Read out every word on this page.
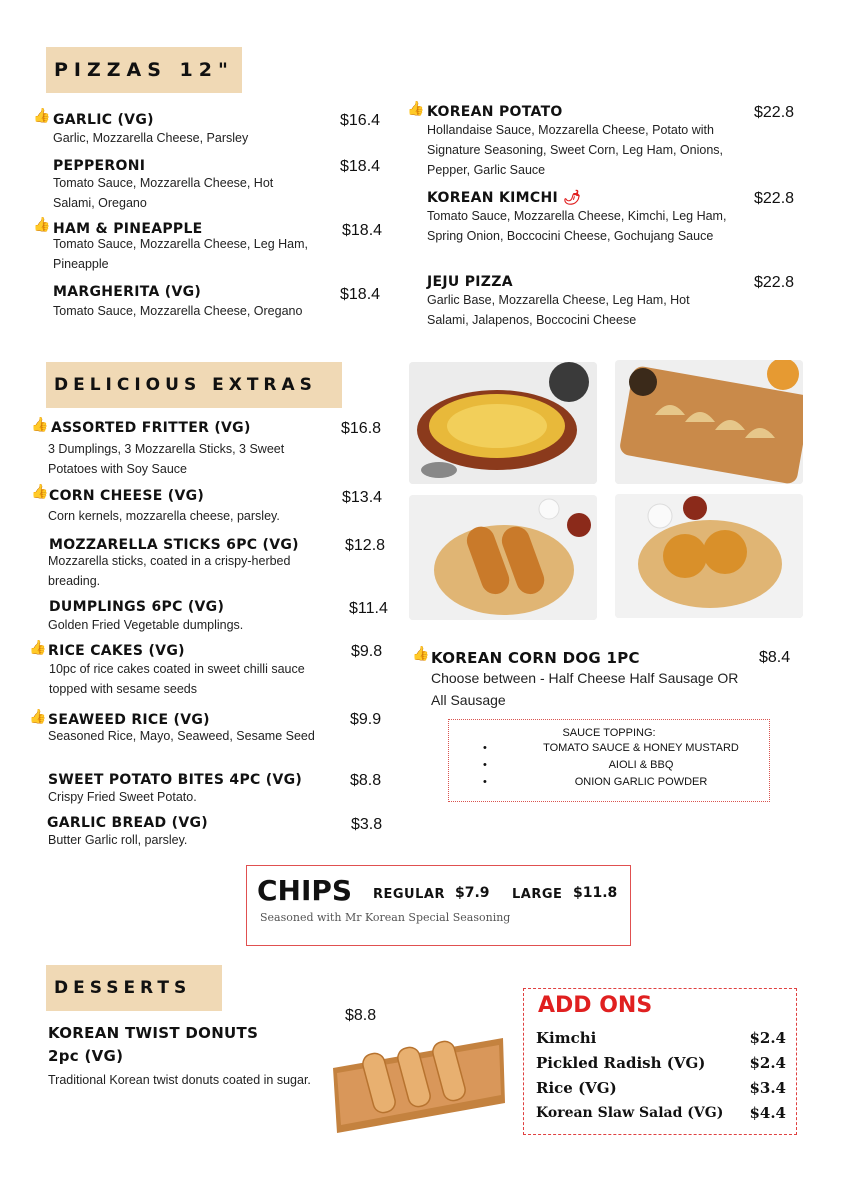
PIZZAS 12"
👍 GARLIC (VG)	$16.4
Garlic, Mozzarella Cheese, Parsley
PEPPERONI	$18.4
Tomato Sauce, Mozzarella Cheese, Hot Salami, Oregano
👍 HAM & PINEAPPLE	$18.4
Tomato Sauce, Mozzarella Cheese, Leg Ham, Pineapple
MARGHERITA (VG)	$18.4
Tomato Sauce, Mozzarella Cheese, Oregano
👍 KOREAN POTATO	$22.8
Hollandaise Sauce, Mozzarella Cheese, Potato with Signature Seasoning, Sweet Corn, Leg Ham, Onions, Pepper, Garlic Sauce
KOREAN KIMCHI 🌶	$22.8
Tomato Sauce, Mozzarella Cheese, Kimchi, Leg Ham, Spring Onion, Boccocini Cheese, Gochujang Sauce
JEJU PIZZA	$22.8
Garlic Base, Mozzarella Cheese, Leg Ham, Hot Salami, Jalapenos, Boccocini Cheese
DELICIOUS EXTRAS
👍 ASSORTED FRITTER (VG)	$16.8
3 Dumplings, 3 Mozzarella Sticks, 3 Sweet Potatoes with Soy Sauce
👍 CORN CHEESE (VG)	$13.4
Corn kernels, mozzarella cheese, parsley.
MOZZARELLA STICKS 6PC (VG)	$12.8
Mozzarella sticks, coated in a crispy-herbed breading.
DUMPLINGS 6PC (VG)	$11.4
Golden Fried Vegetable dumplings.
👍 RICE CAKES (VG)	$9.8
10pc of rice cakes coated in sweet chilli sauce topped with sesame seeds
👍 SEAWEED RICE (VG)	$9.9
Seasoned Rice, Mayo, Seaweed, Sesame Seed
SWEET POTATO BITES 4PC (VG)	$8.8
Crispy Fried Sweet Potato.
GARLIC BREAD (VG)	$3.8
Butter Garlic roll, parsley.
👍 KOREAN CORN DOG 1PC	$8.4
Choose between - Half Cheese Half Sausage OR All Sausage
SAUCE TOPPING:
•	TOMATO SAUCE & HONEY MUSTARD
•	AIOLI & BBQ
•	ONION GARLIC POWDER
CHIPS REGULAR $7.9 LARGE $11.8
Seasoned with Mr Korean Special Seasoning
DESSERTS
KOREAN TWIST DONUTS
2pc (VG)
$8.8
Traditional Korean twist donuts coated in sugar.
ADD ONS
Kimchi	$2.4
Pickled Radish (VG)	$2.4
Rice (VG)	$3.4
Korean Slaw Salad (VG) $4.4
